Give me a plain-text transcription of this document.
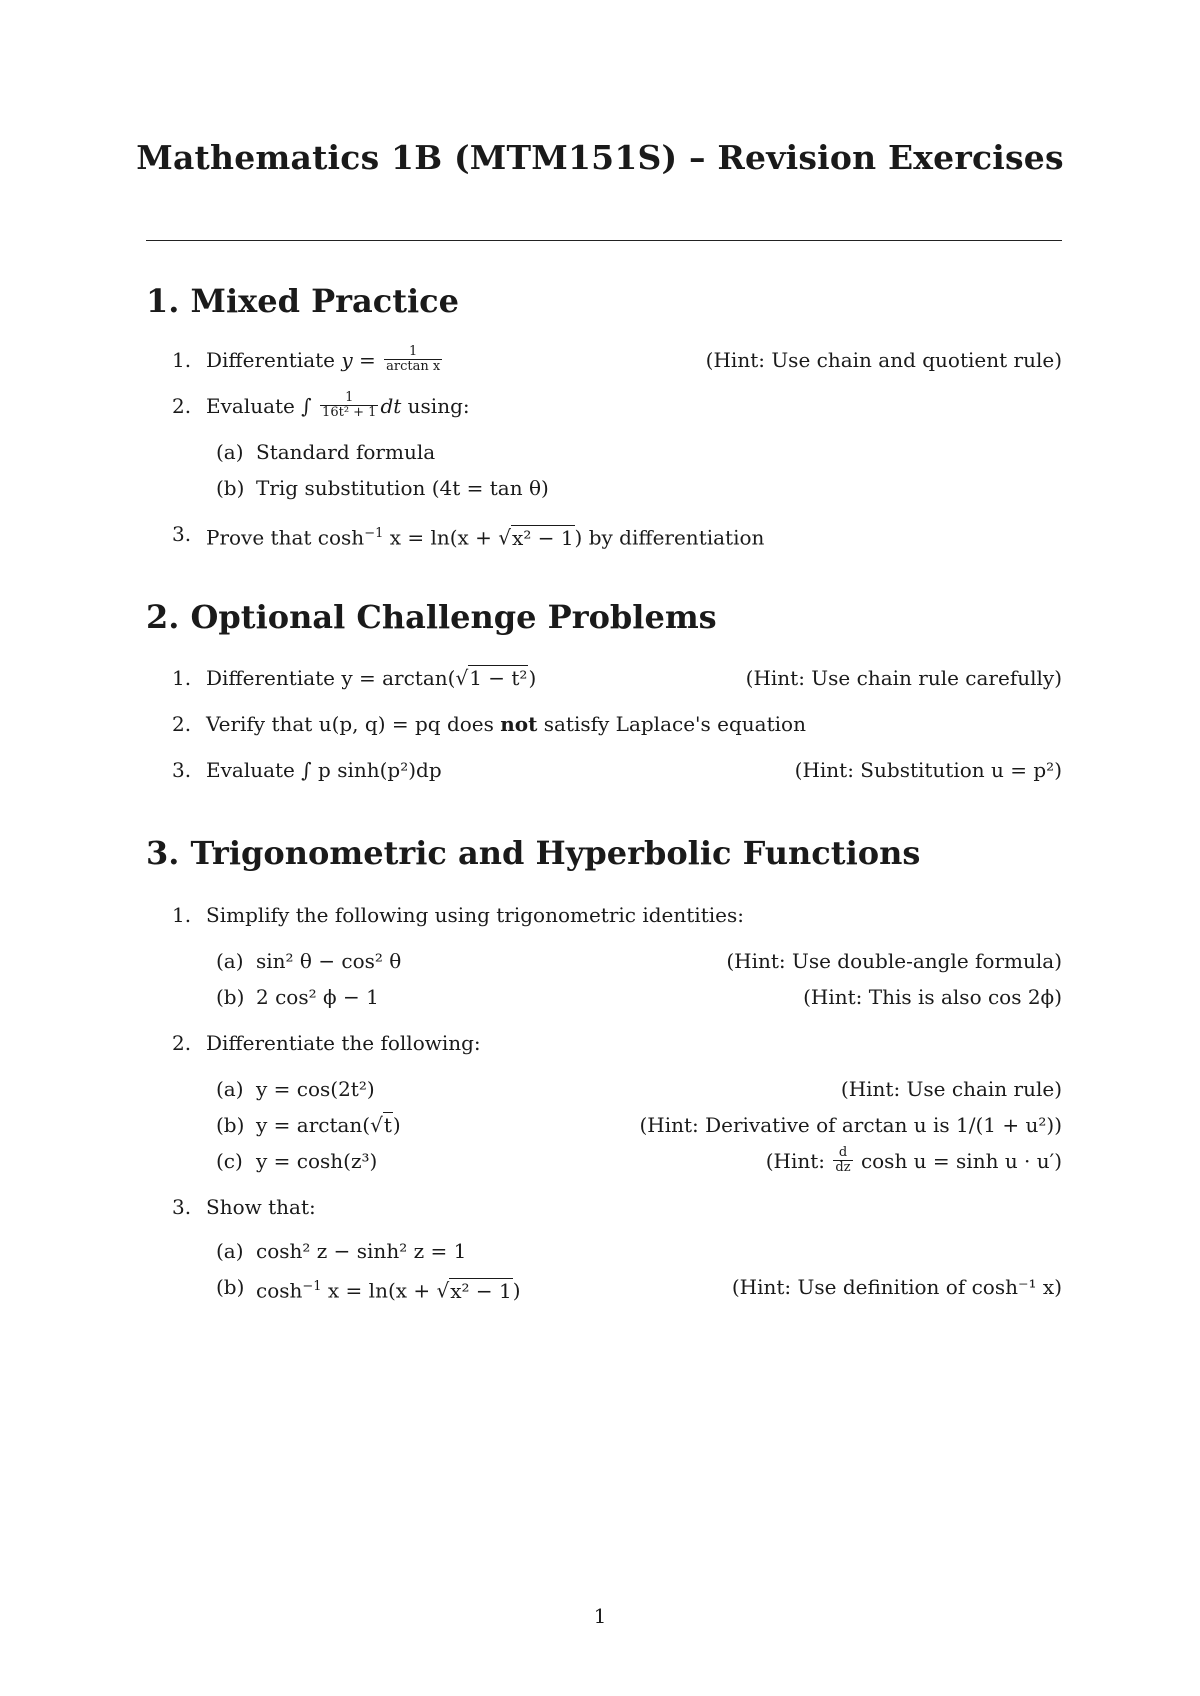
Mathematics 1B (MTM151S) – Revision Exercises
1. Mixed Practice
1. Differentiate $y = \frac{1}{\text{arctan x}}$	(Hint: Use chain and quotient rule)
2. Evaluate ∫ $\frac{1}{\text{16t² + 1}}$ dt using:
(a) Standard formula
(b) Trig substitution (4t = tan θ)
3. Prove that $\cosh^{-1} x = \ln(x + √x^2 - 1)$ by differentiation
2. Optional Challenge Problems
1. Differentiate y = arctan(√1 − t²)	(Hint: Use chain rule carefully)
2. Verify that u(p, q) = pq does not satisfy Laplace's equation
3. Evaluate ∫ p sinh(p²)dp	(Hint: Substitution u = p²)
3. Trigonometric and Hyperbolic Functions
1. Simplify the following using trigonometric identities:
(a) sin² θ − cos² θ	(Hint: Use double-angle formula)
(b) 2 cos² ϕ − 1	(Hint: This is also cos 2ϕ)
2. Differentiate the following:
(a) y = cos(2t²)	(Hint: Use chain rule)
(b) y = arctan(√t)	(Hint: Derivative of arctan u is 1/(1 + u²))
(c) y = cosh(z³)	(Hint: $\frac{d}{dz}$ cosh u = sinh u · u′)
3. Show that:
(a) cosh² z − sinh² z = 1
(b) $\cosh^{-1} x = \ln(x + √x^2 - 1)$	(Hint: Use definition of cosh⁻¹ x)
1
